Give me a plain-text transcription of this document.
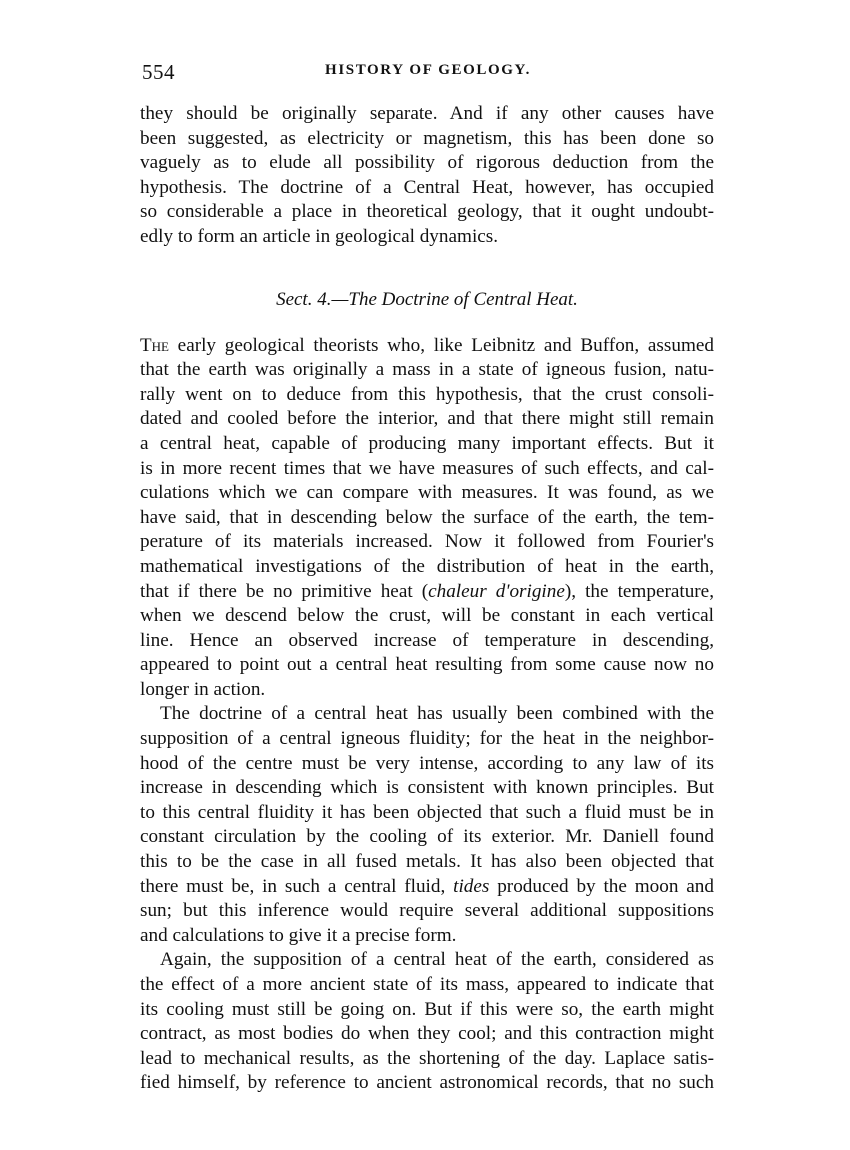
554	HISTORY OF GEOLOGY.
they should be originally separate. And if any other causes have
been suggested, as electricity or magnetism, this has been done so
vaguely as to elude all possibility of rigorous deduction from the
hypothesis. The doctrine of a Central Heat, however, has occupied
so considerable a place in theoretical geology, that it ought undoubt-
edly to form an article in geological dynamics.
Sect. 4.—The Doctrine of Central Heat.
The early geological theorists who, like Leibnitz and Buffon, assumed
that the earth was originally a mass in a state of igneous fusion, natu-
rally went on to deduce from this hypothesis, that the crust consoli-
dated and cooled before the interior, and that there might still remain
a central heat, capable of producing many important effects. But it
is in more recent times that we have measures of such effects, and cal-
culations which we can compare with measures. It was found, as we
have said, that in descending below the surface of the earth, the tem-
perature of its materials increased. Now it followed from Fourier's
mathematical investigations of the distribution of heat in the earth,
that if there be no primitive heat (chaleur d'origine), the temperature,
when we descend below the crust, will be constant in each vertical
line. Hence an observed increase of temperature in descending,
appeared to point out a central heat resulting from some cause now no
longer in action.
The doctrine of a central heat has usually been combined with the
supposition of a central igneous fluidity; for the heat in the neighbor-
hood of the centre must be very intense, according to any law of its
increase in descending which is consistent with known principles. But
to this central fluidity it has been objected that such a fluid must be in
constant circulation by the cooling of its exterior. Mr. Daniell found
this to be the case in all fused metals. It has also been objected that
there must be, in such a central fluid, tides produced by the moon and
sun; but this inference would require several additional suppositions
and calculations to give it a precise form.
Again, the supposition of a central heat of the earth, considered as
the effect of a more ancient state of its mass, appeared to indicate that
its cooling must still be going on. But if this were so, the earth might
contract, as most bodies do when they cool; and this contraction might
lead to mechanical results, as the shortening of the day. Laplace satis-
fied himself, by reference to ancient astronomical records, that no such
